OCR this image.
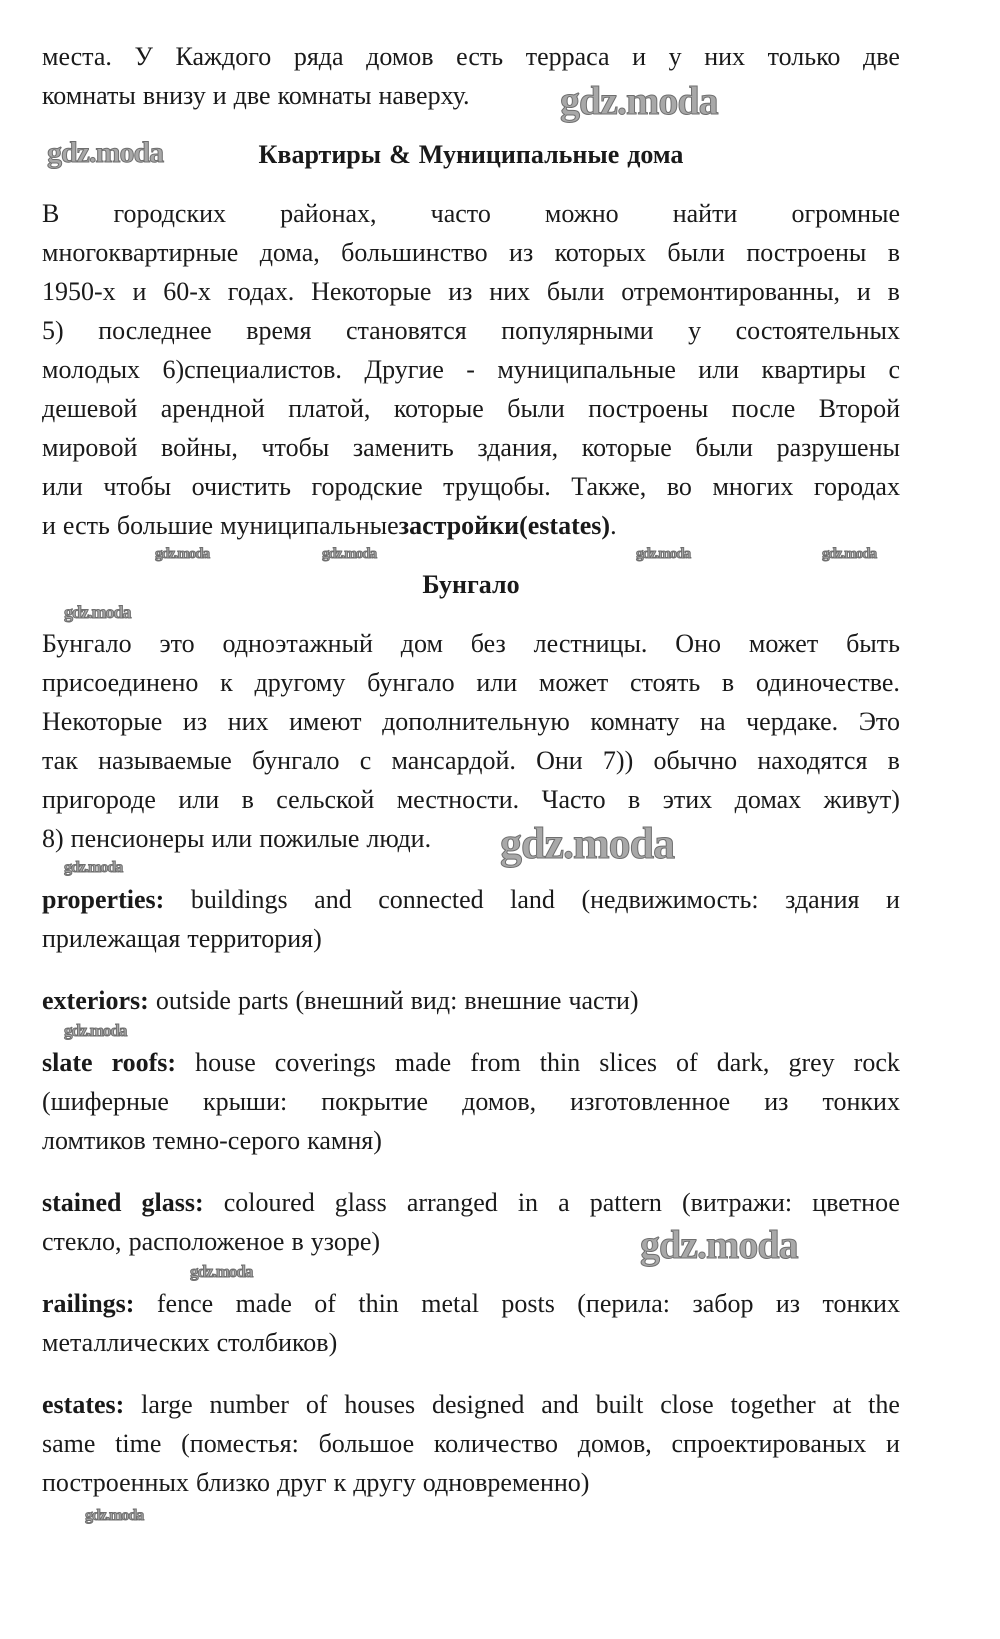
места. У Каждого ряда домов есть терраса и у них только две
комнаты внизу и две комнаты наверху.
Квартиры & Муниципальные дома
В городских районах, часто можно найти огромные
многоквартирные дома, большинство из которых были построены в
1950-х и 60-х годах. Некоторые из них были отремонтированны, и в
5) последнее время становятся популярными у состоятельных
молодых 6)специалистов. Другие - муниципальные или квартиры с
дешевой арендной платой, которые были построены после Второй
мировой войны, чтобы заменить здания, которые были разрушены
или чтобы очистить городские трущобы. Также, во многих городах
и есть большие муниципальныезастройки(estates).
Бунгало
Бунгало это одноэтажный дом без лестницы. Оно может быть
присоединено к другому бунгало или может стоять в одиночестве.
Некоторые из них имеют дополнительную комнату на чердаке. Это
так называемые бунгало с мансардой. Они 7)) обычно находятся в
пригороде или в сельской местности. Часто в этих домах живут)
8) пенсионеры или пожилые люди.
properties: buildings and connected land (недвижимость: здания и
прилежащая территория)
exteriors: outside parts (внешний вид: внешние части)
slate roofs: house coverings made from thin slices of dark, grey rock
(шиферные крыши: покрытие домов, изготовленное из тонких
ломтиков темно-серого камня)
stained glass: coloured glass arranged in a pattern (витражи: цветное
стекло, расположеное в узоре)
railings: fence made of thin metal posts (перила: забор из тонких
металлических столбиков)
estates: large number of houses designed and built close together at the
same time (поместья: большое количество домов, спроектированых и
построенных близко друг к другу одновременно)
gdz.moda
gdz.moda
gdz.moda	gdz.moda	gdz.moda	gdz.moda
gdz.moda
gdz.moda
gdz.moda
gdz.moda
gdz.moda
gdz.moda
gdz.moda
